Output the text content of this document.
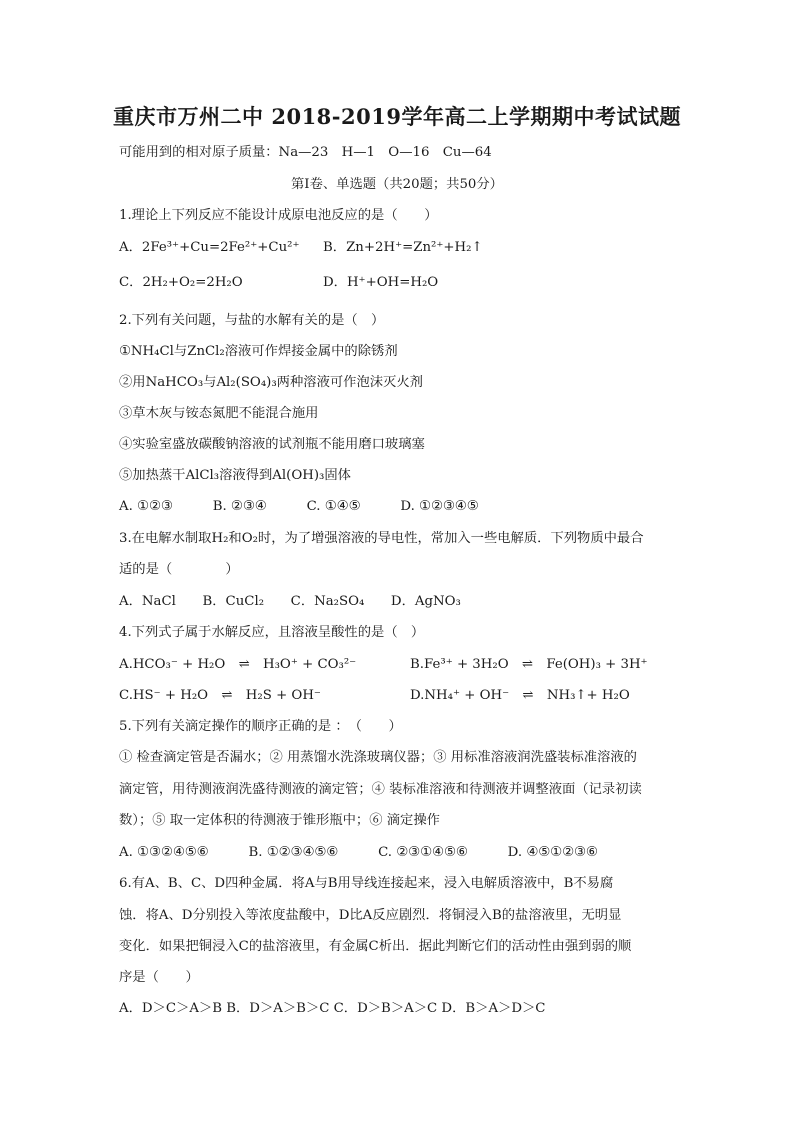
重庆市万州二中 2018-2019学年高二上学期期中考试试题
可能用到的相对原子质量：Na—23　H—1　O—16　Cu—64
第Ⅰ卷、单选题（共20题；共50分）
1.理论上下列反应不能设计成原电池反应的是（　　）
A．2Fe³⁺+Cu=2Fe²⁺+Cu²⁺ B．Zn+2H⁺=Zn²⁺+H₂↑
C．2H₂+O₂=2H₂O	D．H⁺+OH=H₂O
2.下列有关问题，与盐的水解有关的是（　）
①NH₄Cl与ZnCl₂溶液可作焊接金属中的除锈剂
②用NaHCO₃与Al₂(SO₄)₃两种溶液可作泡沫灭火剂
③草木灰与铵态氮肥不能混合施用
④实验室盛放碳酸钠溶液的试剂瓶不能用磨口玻璃塞
⑤加热蒸干AlCl₃溶液得到Al(OH)₃固体
A. ①②③　　　B. ②③④　　　C. ①④⑤　　　D. ①②③④⑤
3.在电解水制取H₂和O₂时，为了增强溶液的导电性，常加入一些电解质．下列物质中最合
适的是（　　　　）
A．NaCl　　B．CuCl₂　　C．Na₂SO₄　　D．AgNO₃
4.下列式子属于水解反应，且溶液呈酸性的是（　）
A.HCO₃⁻ + H₂O　⇌　H₃O⁺ + CO₃²⁻	B.Fe³⁺ + 3H₂O　⇌　Fe(OH)₃ + 3H⁺
C.HS⁻ + H₂O　⇌　H₂S + OH⁻	D.NH₄⁺ + OH⁻　⇌　NH₃↑+ H₂O
5.下列有关滴定操作的顺序正确的是 ：　（　　）
① 检查滴定管是否漏水；② 用蒸馏水洗涤玻璃仪器；③ 用标准溶液润洗盛装标准溶液的
滴定管，用待测液润洗盛待测液的滴定管；④ 装标准溶液和待测液并调整液面（记录初读
数）；⑤ 取一定体积的待测液于锥形瓶中；⑥ 滴定操作
A. ①③②④⑤⑥　　　B. ①②③④⑤⑥　　　C. ②③①④⑤⑥　　　D. ④⑤①②③⑥
6.有A、B、C、D四种金属．将A与B用导线连接起来，浸入电解质溶液中，B不易腐
蚀．将A、D分别投入等浓度盐酸中，D比A反应剧烈．将铜浸入B的盐溶液里，无明显
变化．如果把铜浸入C的盐溶液里，有金属C析出．据此判断它们的活动性由强到弱的顺
序是（　　）
A．D＞C＞A＞B B．D＞A＞B＞C C．D＞B＞A＞C D．B＞A＞D＞C
